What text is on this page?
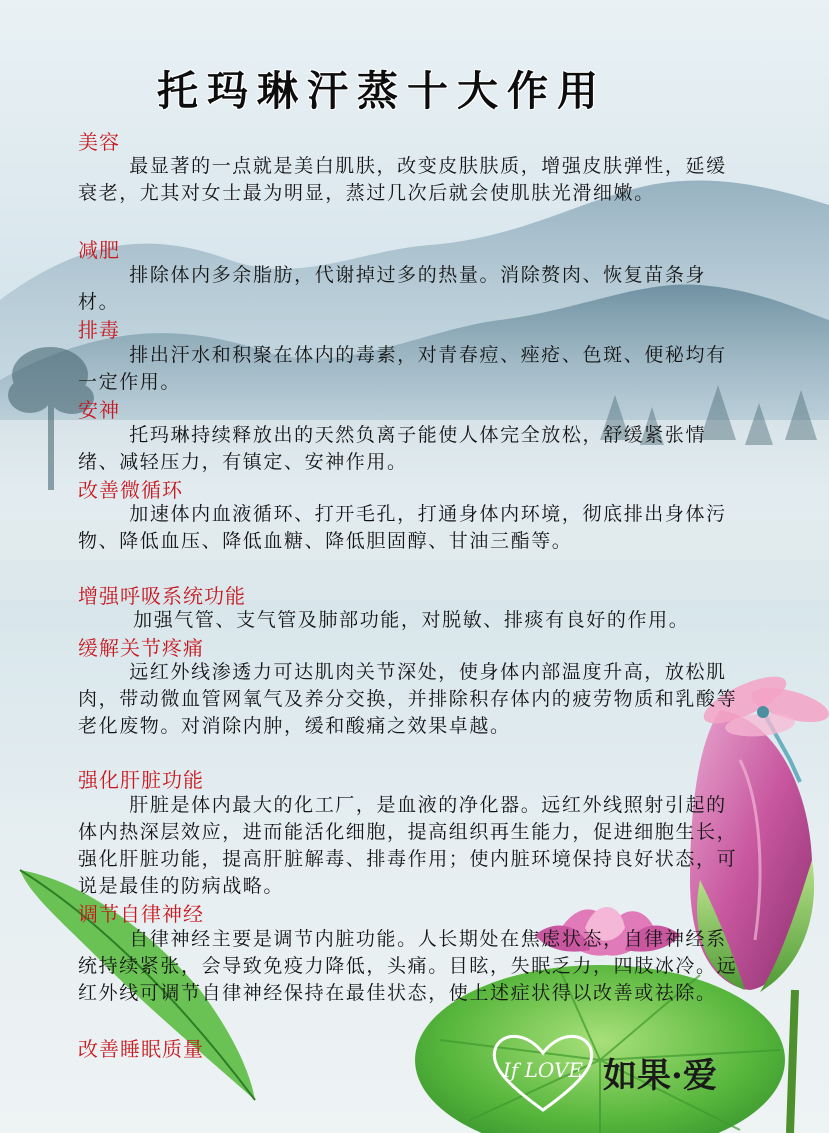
托玛琳汗蒸十大作用
美容
最显著的一点就是美白肌肤，改变皮肤肤质，增强皮肤弹性，延缓衰老，尤其对女士最为明显，蒸过几次后就会使肌肤光滑细嫩。
减肥
排除体内多余脂肪，代谢掉过多的热量。消除赘肉、恢复苗条身材。
排毒
排出汗水和积聚在体内的毒素，对青春痘、痤疮、色斑、便秘均有一定作用。
安神
托玛琳持续释放出的天然负离子能使人体完全放松，舒缓紧张情绪、减轻压力，有镇定、安神作用。
改善微循环
加速体内血液循环、打开毛孔，打通身体内环境，彻底排出身体污物、降低血压、降低血糖、降低胆固醇、甘油三酯等。
增强呼吸系统功能
加强气管、支气管及肺部功能，对脱敏、排痰有良好的作用。
缓解关节疼痛
远红外线渗透力可达肌肉关节深处，使身体内部温度升高，放松肌肉，带动微血管网氧气及养分交换，并排除积存体内的疲劳物质和乳酸等老化废物。对消除内肿，缓和酸痛之效果卓越。
强化肝脏功能
肝脏是体内最大的化工厂，是血液的净化器。远红外线照射引起的体内热深层效应，进而能活化细胞，提高组织再生能力，促进细胞生长，强化肝脏功能，提高肝脏解毒、排毒作用；使内脏环境保持良好状态，可说是最佳的防病战略。
调节自律神经
自律神经主要是调节内脏功能。人长期处在焦虑状态，自律神经系统持续紧张，会导致免疫力降低，头痛。目眩，失眠乏力，四肢冰冷。远红外线可调节自律神经保持在最佳状态，使上述症状得以改善或祛除。
改善睡眠质量
If LOVE 如果·爱
